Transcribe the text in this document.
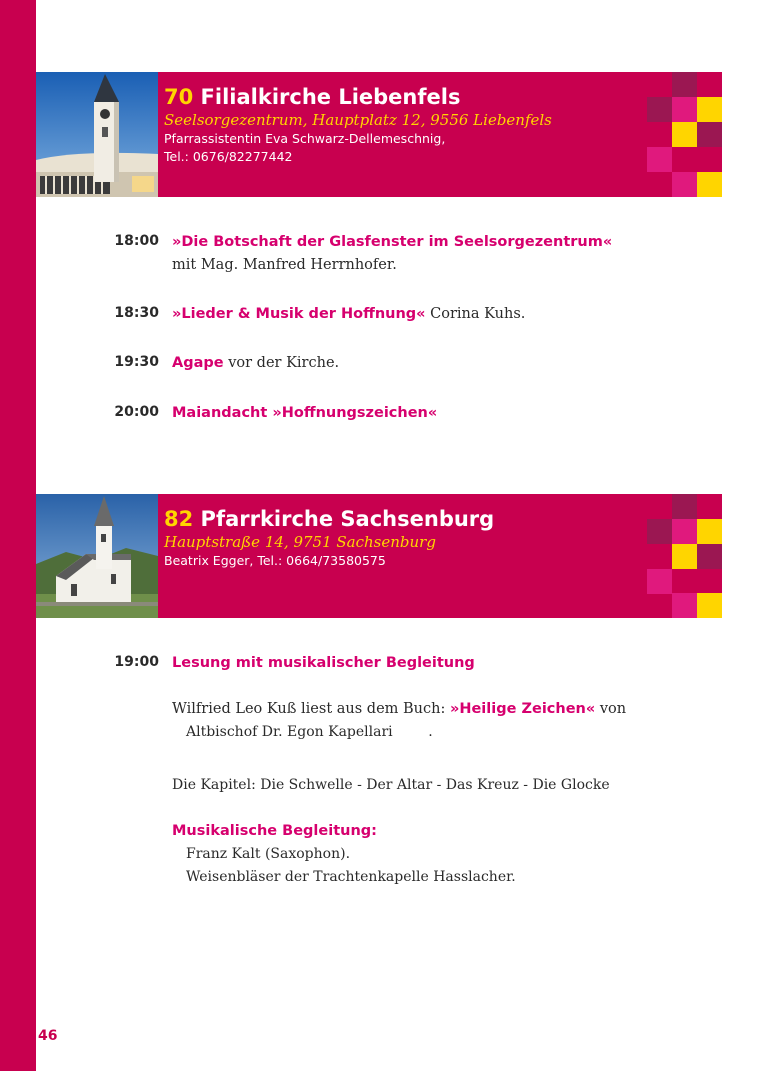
70 Filialkirche Liebenfels
Seelsorgezentrum, Hauptplatz 12, 9556 Liebenfels
Pfarrassistentin Eva Schwarz-Dellemeschnig,
Tel.: 0676/82277442
18:00 »Die Botschaft der Glasfenster im Seelsorgezentrum«
mit Mag. Manfred Herrnhofer.
18:30 »Lieder & Musik der Hoffnung« Corina Kuhs.
19:30 Agape vor der Kirche.
20:00 Maiandacht »Hoffnungszeichen«
82 Pfarrkirche Sachsenburg
Hauptstraße 14, 9751 Sachsenburg
Beatrix Egger, Tel.: 0664/73580575
19:00 Lesung mit musikalischer Begleitung
Wilfried Leo Kuß liest aus dem Buch: »Heilige Zeichen« von
Altbischof Dr. Egon Kapellari        .
Die Kapitel: Die Schwelle - Der Altar - Das Kreuz - Die Glocke
Musikalische Begleitung:
Franz Kalt (Saxophon).
Weisenbläser der Trachtenkapelle Hasslacher.
46
